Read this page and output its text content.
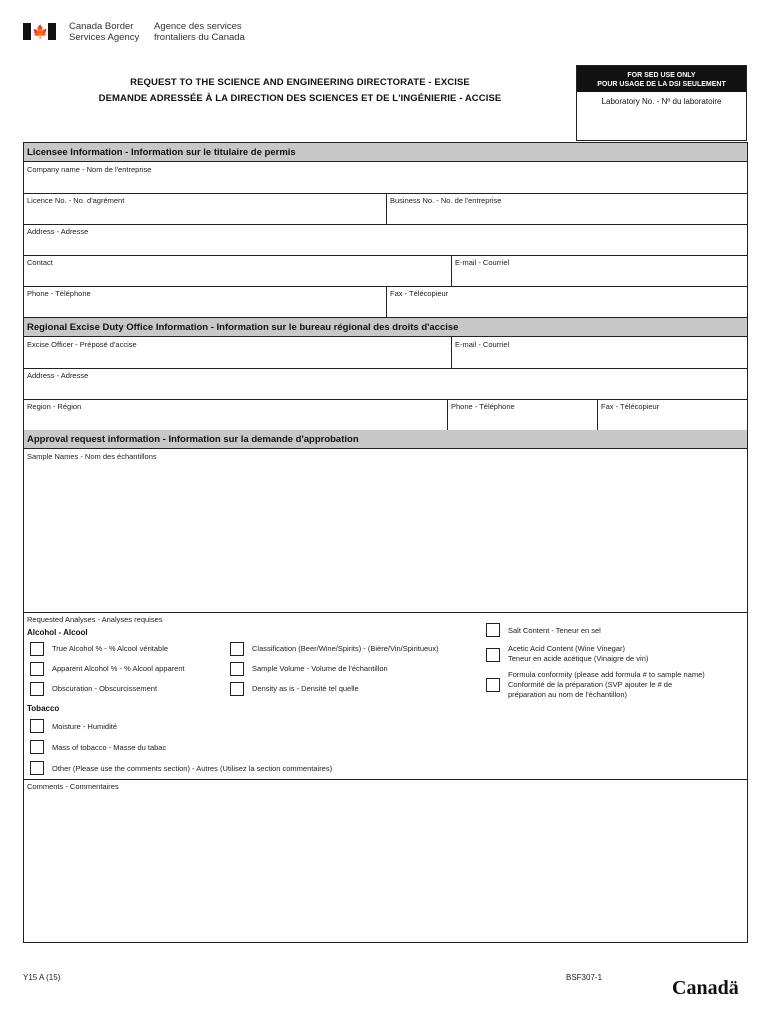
🍁 Canada Border
Services Agency
Agence des services
frontaliers du Canada
REQUEST TO THE SCIENCE AND ENGINEERING DIRECTORATE - EXCISE
DEMANDE ADRESSÉE À LA DIRECTION DES SCIENCES ET DE L'INGÉNIERIE - ACCISE
FOR SED USE ONLY
POUR USAGE DE LA DSI SEULEMENT
Laboratory No. - Nº du laboratoire
Licensee Information - Information sur le titulaire de permis
Company name - Nom de l'entreprise
Licence No. - No. d'agrément	Business No. - No. de l'entreprise
Address - Adresse
Contact	E-mail - Courriel
Phone - Téléphone	Fax - Télécopieur
Regional Excise Duty Office Information - Information sur le bureau régional des droits d'accise
Excise Officer - Préposé d'accise	E-mail - Courriel
Address - Adresse
Region - Région	Phone - Téléphone	Fax - Télécopieur
Approval request information - Information sur la demande d'approbation
Sample Names - Nom des échantillons
Requested Analyses - Analyses requises
Alcohol - Alcool
True Alcohol % - % Alcool véritable
Apparent Alcohol % - % Alcool apparent
Obscuration - Obscurcissement
Classification (Beer/Wine/Spirits) - (Bière/Vin/Spiritueux)
Sample Volume - Volume de l'échantillon
Density as is - Densité tel quelle
Salt Content - Teneur en sel
Acetic Acid Content (Wine Vinegar)
Teneur en acide acétique (Vinaigre de vin)
Formula conformity (please add formula # to sample name)
Conformité de la préparation (SVP ajouter le # de
préparation au nom de l'échantillon)
Tobacco
Moisture - Humidité
Mass of tobacco - Masse du tabac
Other (Please use the comments section) - Autres (Utilisez la section commentaires)
Comments - Commentaires
Y15 A (15)	BSF307-1	Canadä
